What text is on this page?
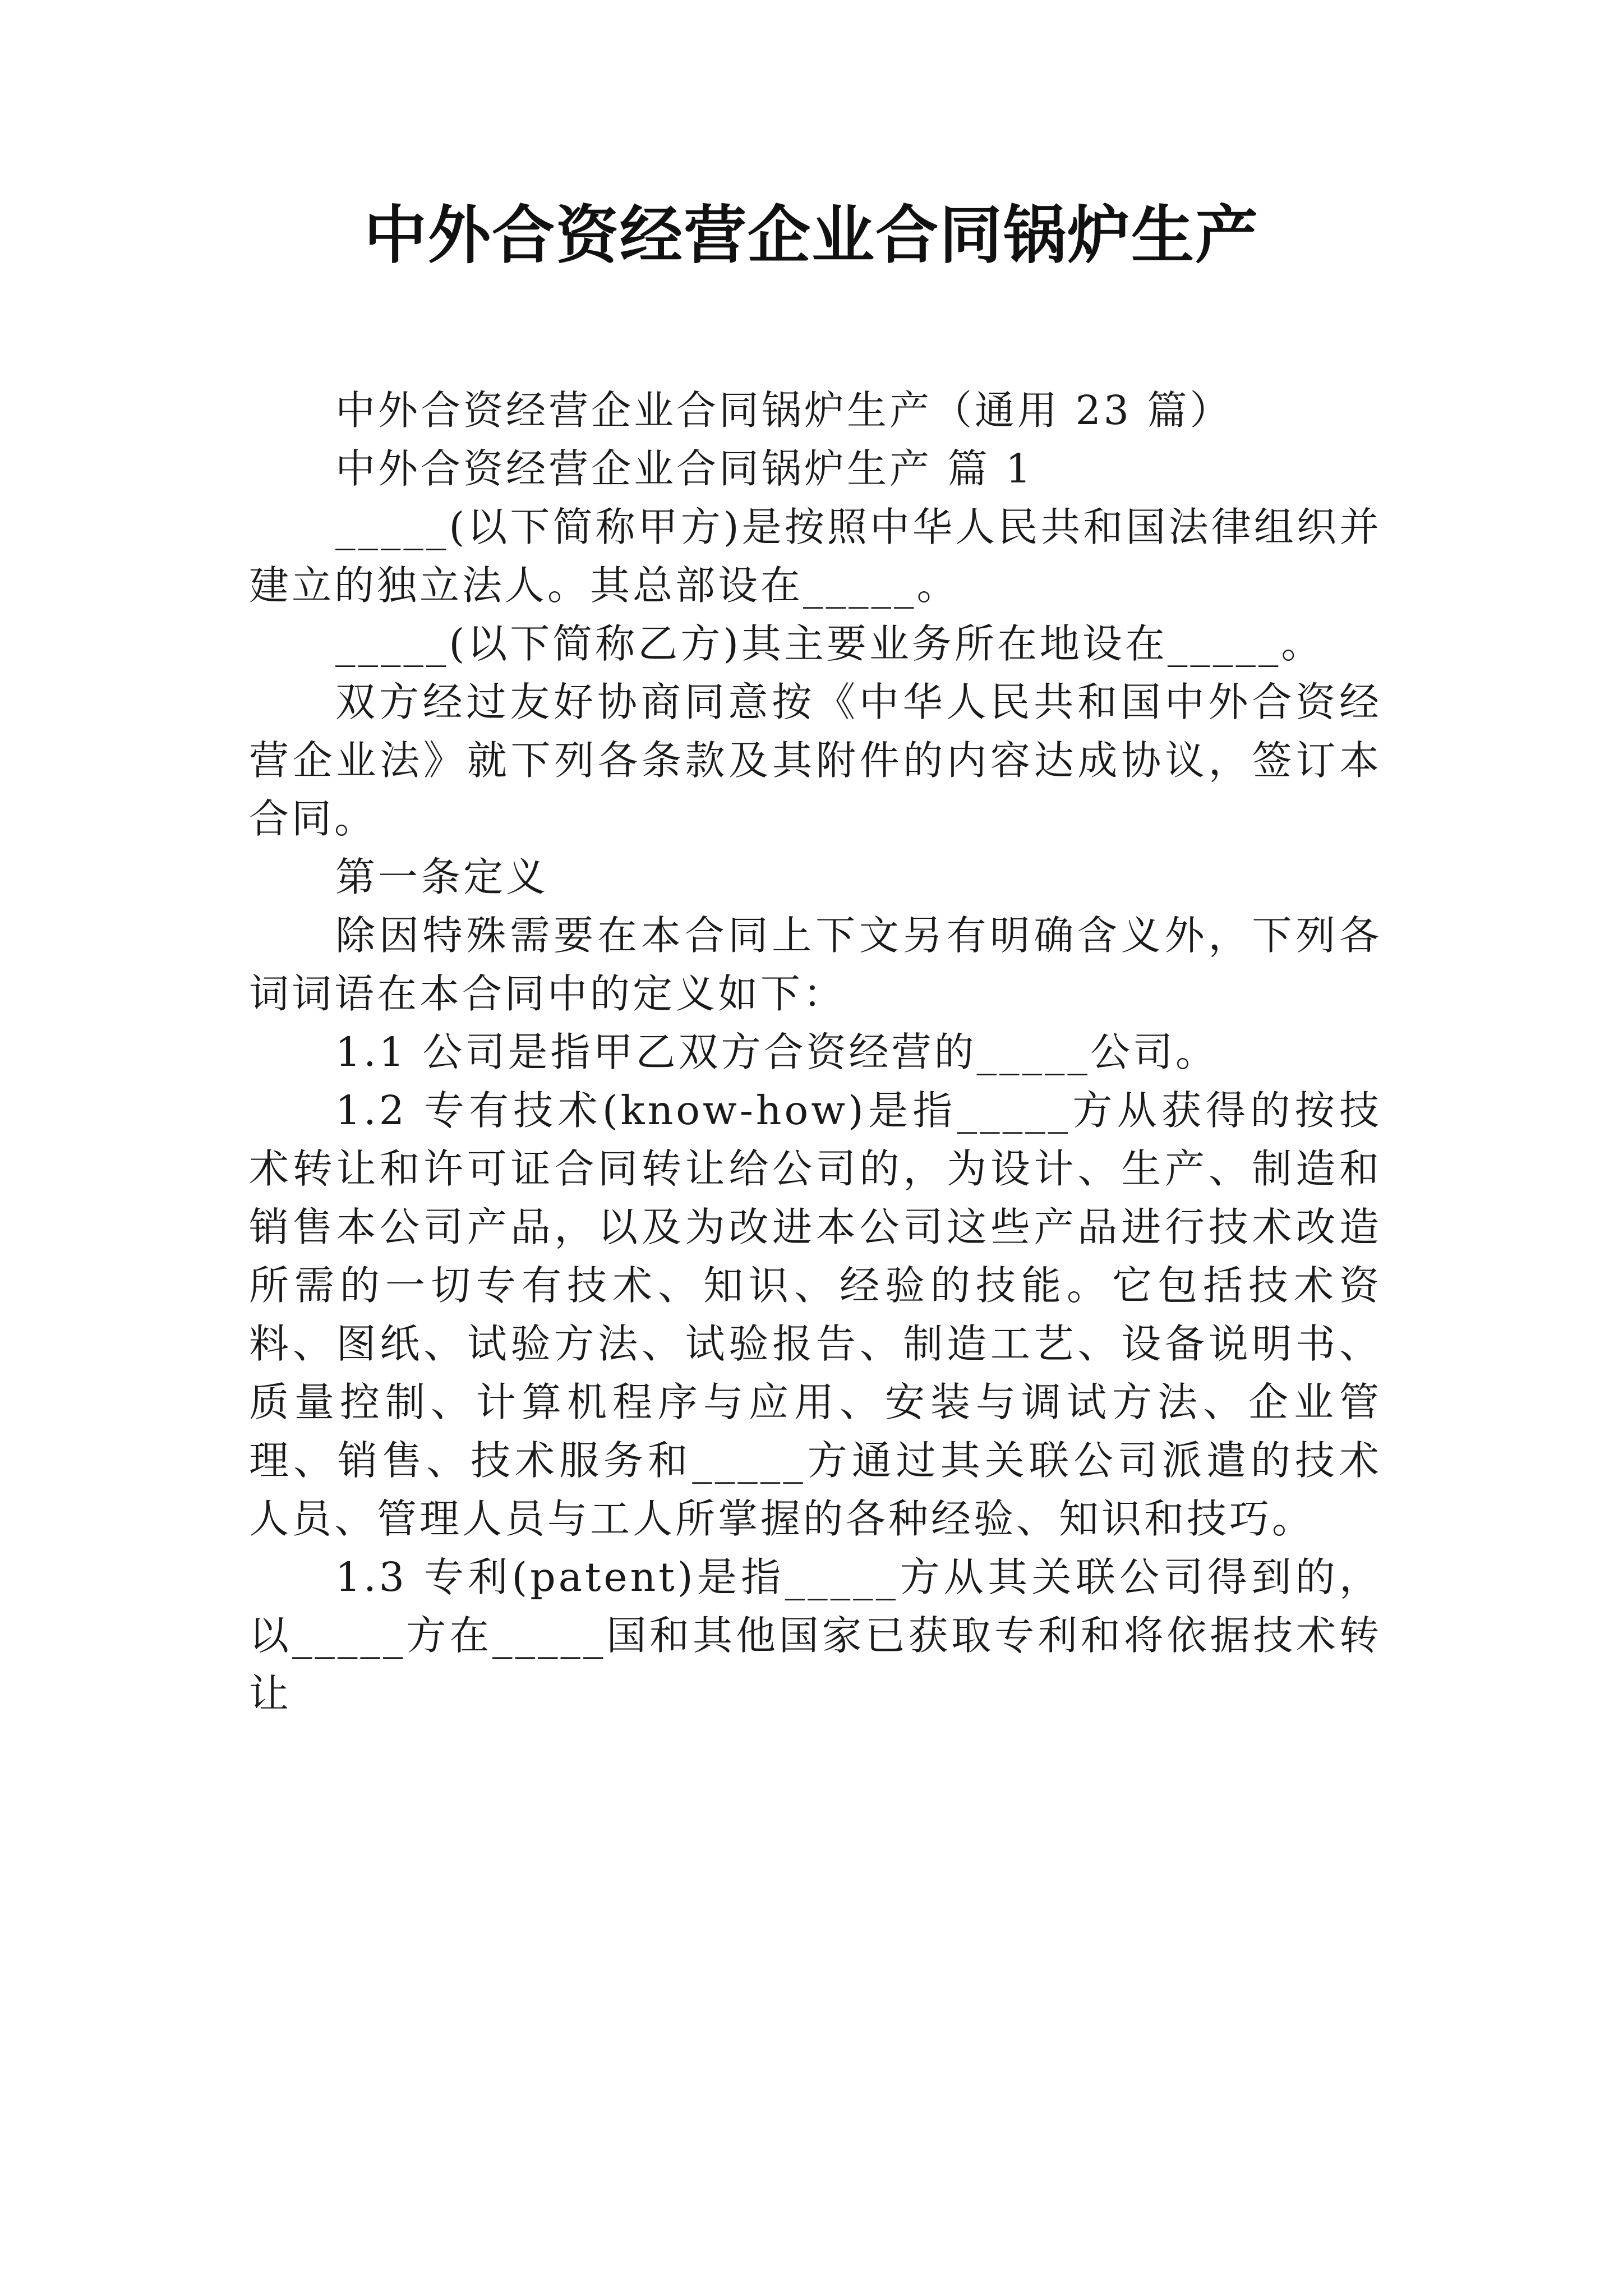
中外合资经营企业合同锅炉生产

中外合资经营企业合同锅炉生产（通用 23 篇）

中外合资经营企业合同锅炉生产 篇 1

_____(以下简称甲方)是按照中华人民共和国法律组织并建立的独立法人。其总部设在_____。

_____(以下简称乙方)其主要业务所在地设在_____。

双方经过友好协商同意按《中华人民共和国中外合资经营企业法》就下列各条款及其附件的内容达成协议，签订本合同。

第一条定义

除因特殊需要在本合同上下文另有明确含义外，下列各词词语在本合同中的定义如下：

1.1 公司是指甲乙双方合资经营的_____公司。

1.2 专有技术(know-how)是指_____方从获得的按技术转让和许可证合同转让给公司的，为设计、生产、制造和销售本公司产品，以及为改进本公司这些产品进行技术改造所需的一切专有技术、知识、经验的技能。它包括技术资料、图纸、试验方法、试验报告、制造工艺、设备说明书、质量控制、计算机程序与应用、安装与调试方法、企业管理、销售、技术服务和_____方通过其关联公司派遣的技术人员、管理人员与工人所掌握的各种经验、知识和技巧。

1.3 专利(patent)是指_____方从其关联公司得到的，以_____方在_____国和其他国家已获取专利和将依据技术转让
